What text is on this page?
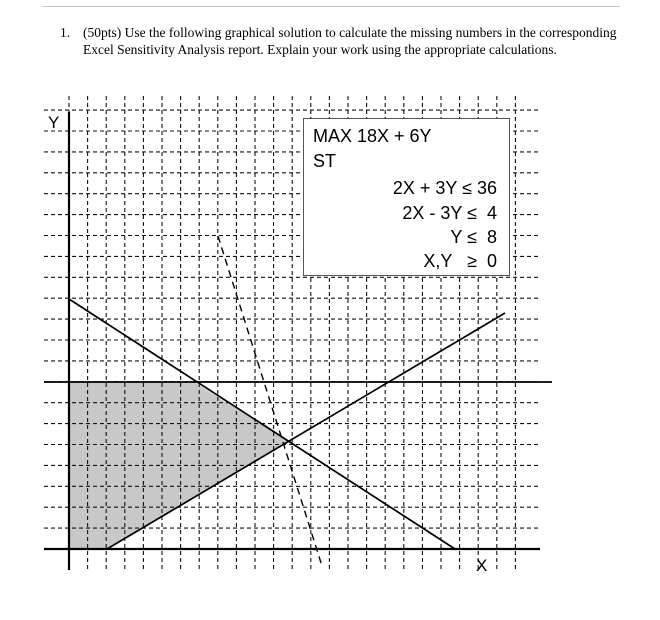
1. (50pts) Use the following graphical solution to calculate the missing numbers in the corresponding Excel Sensitivity Analysis report. Explain your work using the appropriate calculations.
Y
X
MAX 18X + 6Y
ST
2X + 3Y ≤ 36
2X - 3Y ≤  4
Y ≤  8
X,Y   ≥  0
